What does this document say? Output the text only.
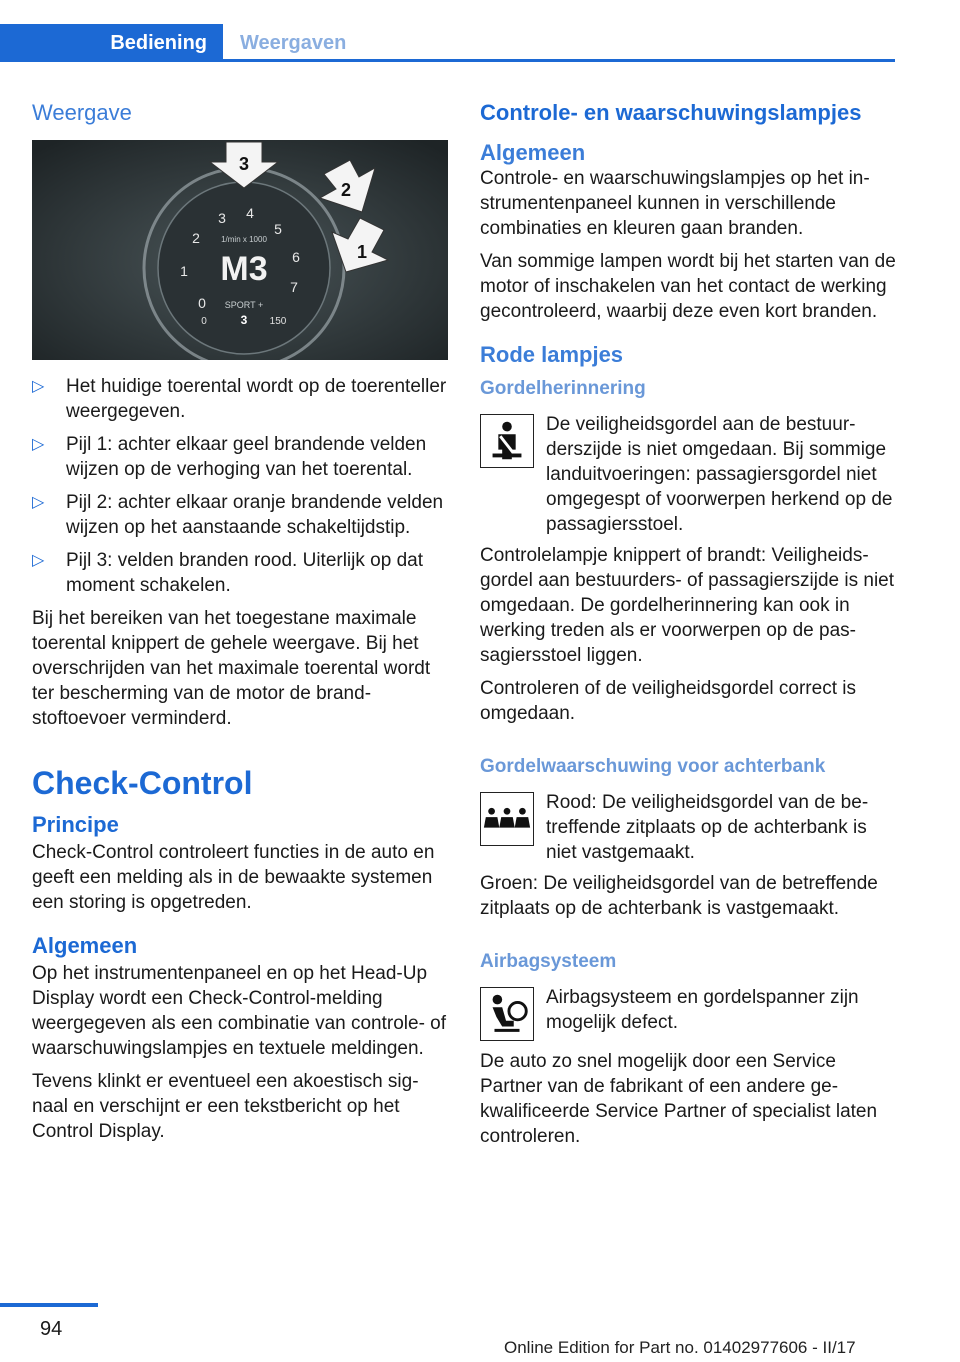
Bediening	Weergaven
Weergave
0
1
2
3 4
5
6
7
1/min x 1000
M3
SPORT +
0	3 150
3
2
1
▷ Het huidige toerental wordt op de toerenteller weergegeven.
▷ Pijl 1: achter elkaar geel brandende velden wijzen op de verhoging van het toerental.
▷ Pijl 2: achter elkaar oranje brandende velden wijzen op het aanstaande schakeltijdstip.
▷ Pijl 3: velden branden rood. Uiterlijk op dat moment schakelen.

Bij het bereiken van het toegestane maximale toerental knippert de gehele weergave. Bij het overschrijden van het maximale toerental wordt ter bescherming van de motor de brandstoftoevoer verminderd.

Check-Control
Principe

Check-Control controleert functies in de auto en geeft een melding als in de bewaakte systemen een storing is opgetreden.

Algemeen

Op het instrumentenpaneel en op het Head-Up Display wordt een Check-Control-melding weergegeven als een combinatie van controle- of waarschuwingslampjes en textuele meldingen.

Tevens klinkt er eventueel een akoestisch signaal en verschijnt er een tekstbericht op het Control Display.

Controle- en waarschuwingslampjes
Algemeen

Controle- en waarschuwingslampjes op het instrumentenpaneel kunnen in verschillende combinaties en kleuren gaan branden.

Van sommige lampen wordt bij het starten van de motor of inschakelen van het contact de werking gecontroleerd, waarbij deze even kort branden.

Rode lampjes
Gordelherinnering

De veiligheidsgordel aan de bestuurderszijde is niet omgedaan. Bij sommige landuitvoeringen: passagiersgordel niet omgegespt of voorwerpen herkend op de passagiersstoel.

Controlelampje knippert of brandt: Veiligheidsgordel aan bestuurders- of passagierszijde is niet omgedaan. De gordelherinnering kan ook in werking treden als er voorwerpen op de passagiersstoel liggen.

Controleren of de veiligheidsgordel correct is omgedaan.

Gordelwaarschuwing voor achterbank

Rood: De veiligheidsgordel van de betreffende zitplaats op de achterbank is niet vastgemaakt.

Groen: De veiligheidsgordel van de betreffende zitplaats op de achterbank is vastgemaakt.

Airbagsysteem

Airbagsysteem en gordelspanner zijn mogelijk defect.

De auto zo snel mogelijk door een Service Partner van de fabrikant of een andere gekwalificeerde Service Partner of specialist laten controleren.

94
Online Edition for Part no. 01402977606 - II/17
